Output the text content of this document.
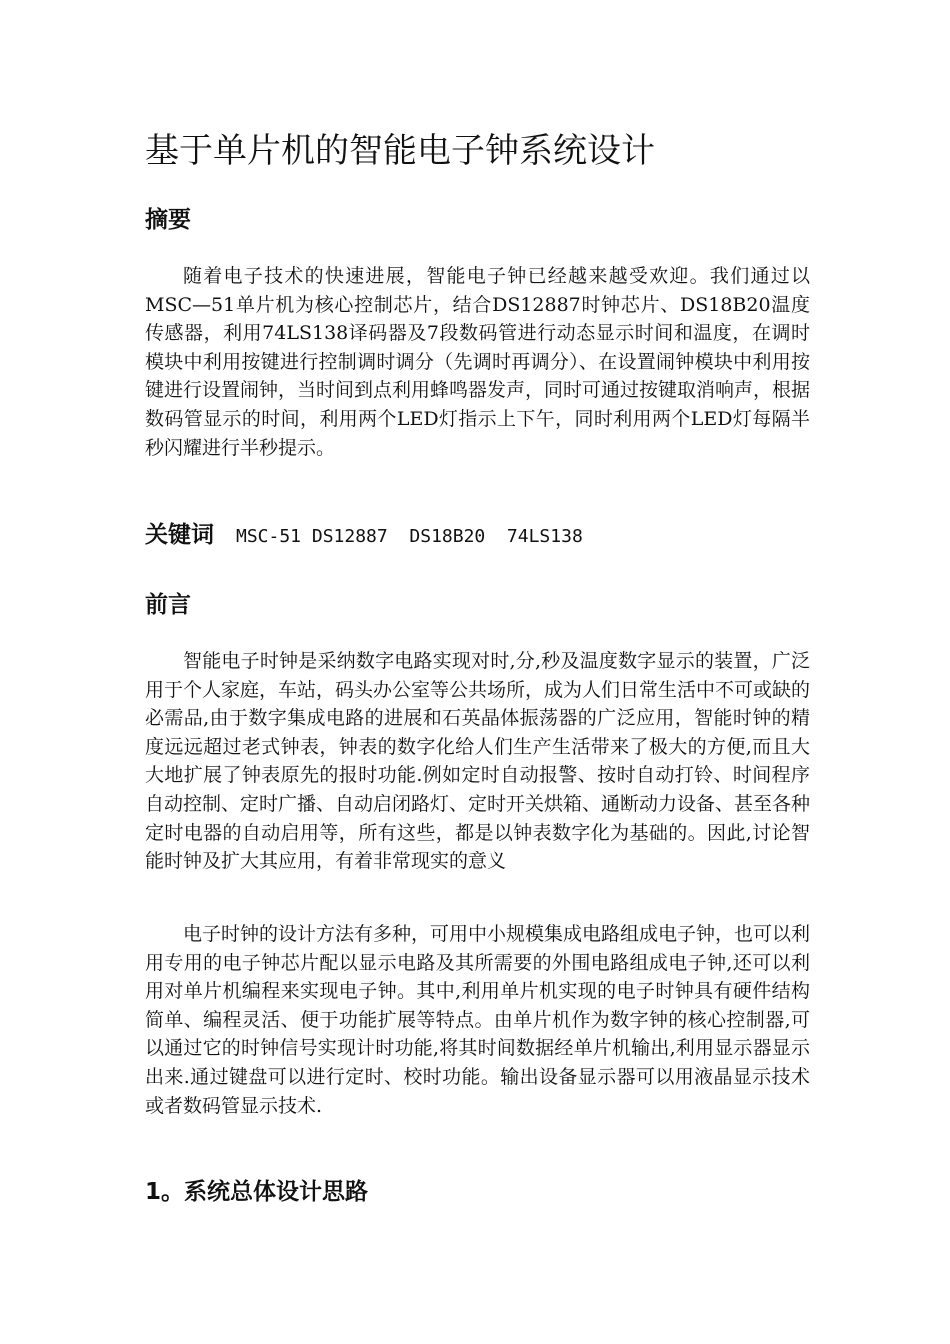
基于单片机的智能电子钟系统设计
摘要

随着电子技术的快速进展，智能电子钟已经越来越受欢迎。我们通过以MSC—51单片机为核心控制芯片，结合DS12887时钟芯片、DS18B20温度传感器，利用74LS138译码器及7段数码管进行动态显示时间和温度，在调时模块中利用按键进行控制调时调分（先调时再调分）、在设置闹钟模块中利用按键进行设置闹钟，当时间到点利用蜂鸣器发声，同时可通过按键取消响声，根据数码管显示的时间，利用两个LED灯指示上下午，同时利用两个LED灯每隔半秒闪耀进行半秒提示。

关键词 MSC-51 DS12887  DS18B20  74LS138

前言

智能电子时钟是采纳数字电路实现对时,分,秒及温度数字显示的装置，广泛用于个人家庭，车站，码头办公室等公共场所，成为人们日常生活中不可或缺的必需品,由于数字集成电路的进展和石英晶体振荡器的广泛应用，智能时钟的精度远远超过老式钟表，钟表的数字化给人们生产生活带来了极大的方便,而且大大地扩展了钟表原先的报时功能.例如定时自动报警、按时自动打铃、时间程序自动控制、定时广播、自动启闭路灯、定时开关烘箱、通断动力设备、甚至各种定时电器的自动启用等，所有这些，都是以钟表数字化为基础的。因此,讨论智能时钟及扩大其应用，有着非常现实的意义

电子时钟的设计方法有多种，可用中小规模集成电路组成电子钟，也可以利用专用的电子钟芯片配以显示电路及其所需要的外围电路组成电子钟,还可以利用对单片机编程来实现电子钟。其中,利用单片机实现的电子时钟具有硬件结构简单、编程灵活、便于功能扩展等特点。由单片机作为数字钟的核心控制器,可以通过它的时钟信号实现计时功能,将其时间数据经单片机输出,利用显示器显示出来.通过键盘可以进行定时、校时功能。输出设备显示器可以用液晶显示技术或者数码管显示技术.

1。系统总体设计思路
